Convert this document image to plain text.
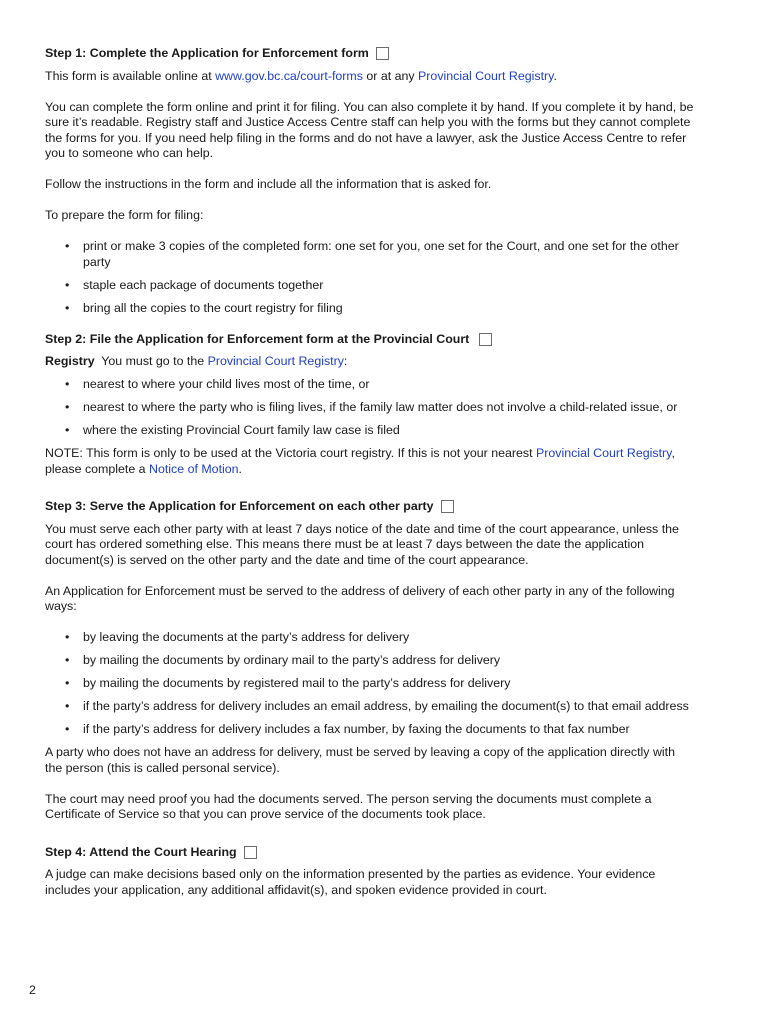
Step 1: Complete the Application for Enforcement form

This form is available online at www.gov.bc.ca/court-forms or at any Provincial Court Registry.

You can complete the form online and print it for filing. You can also complete it by hand. If you complete it by hand, be sure it’s readable. Registry staff and Justice Access Centre staff can help you with the forms but they cannot complete the forms for you. If you need help filing in the forms and do not have a lawyer, ask the Justice Access Centre to refer you to someone who can help.

Follow the instructions in the form and include all the information that is asked for.

To prepare the form for filing:

• print or make 3 copies of the completed form: one set for you, one set for the Court, and one set for the other party
• staple each package of documents together
• bring all the copies to the court registry for filing
Step 2: File the Application for Enforcement form at the Provincial Court

Registry  You must go to the Provincial Court Registry:

• nearest to where your child lives most of the time, or
• nearest to where the party who is filing lives, if the family law matter does not involve a child-related issue, or
• where the existing Provincial Court family law case is filed

NOTE: This form is only to be used at the Victoria court registry. If this is not your nearest Provincial Court Registry, please complete a Notice of Motion.

Step 3: Serve the Application for Enforcement on each other party

You must serve each other party with at least 7 days notice of the date and time of the court appearance, unless the court has ordered something else. This means there must be at least 7 days between the date the application document(s) is served on the other party and the date and time of the court appearance.

An Application for Enforcement must be served to the address of delivery of each other party in any of the following ways:

• by leaving the documents at the party’s address for delivery
• by mailing the documents by ordinary mail to the party’s address for delivery
• by mailing the documents by registered mail to the party’s address for delivery
• if the party’s address for delivery includes an email address, by emailing the document(s) to that email address
• if the party’s address for delivery includes a fax number, by faxing the documents to that fax number

A party who does not have an address for delivery, must be served by leaving a copy of the application directly with the person (this is called personal service).

The court may need proof you had the documents served. The person serving the documents must complete a Certificate of Service so that you can prove service of the documents took place.

Step 4: Attend the Court Hearing

A judge can make decisions based only on the information presented by the parties as evidence. Your evidence includes your application, any additional affidavit(s), and spoken evidence provided in court.

2
